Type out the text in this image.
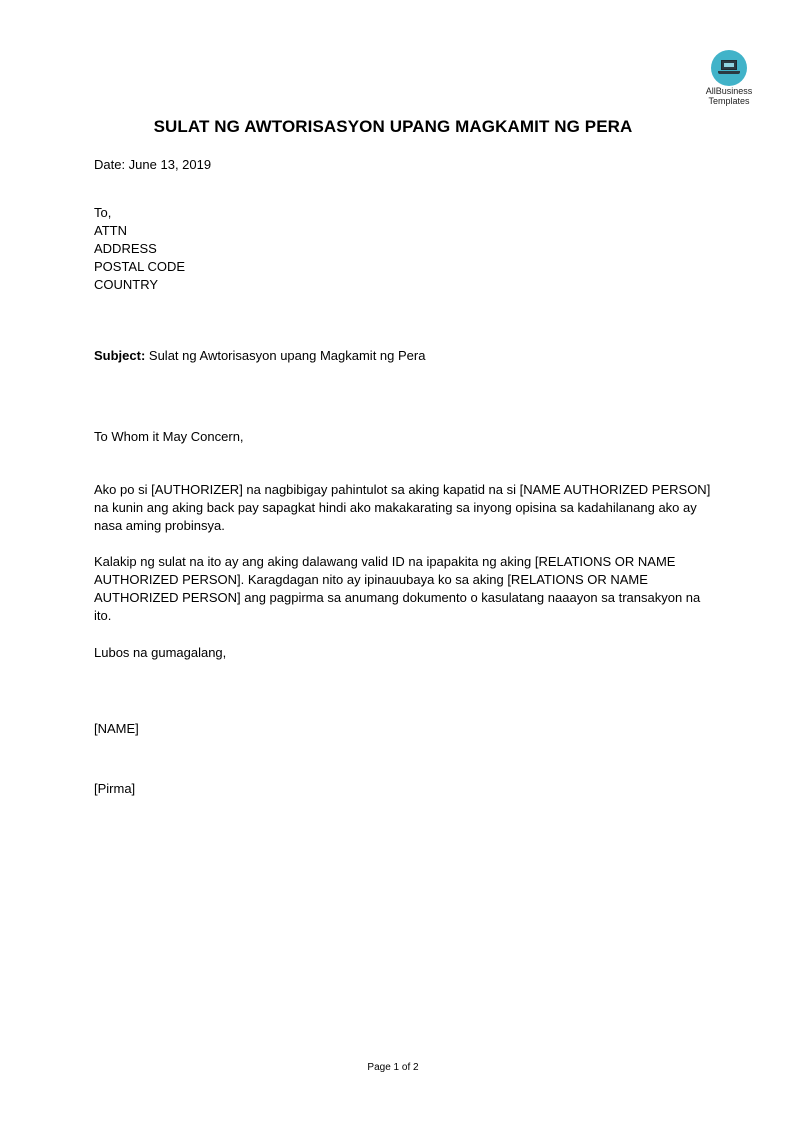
AllBusiness
Templates
SULAT NG AWTORISASYON UPANG MAGKAMIT NG PERA
Date: June 13, 2019
To,
ATTN
ADDRESS
POSTAL CODE
COUNTRY
Subject: Sulat ng Awtorisasyon upang Magkamit ng Pera
To Whom it May Concern,
Ako po si [AUTHORIZER] na nagbibigay pahintulot sa aking kapatid na si [NAME AUTHORIZED PERSON] na kunin ang aking back pay sapagkat hindi ako makakarating sa inyong opisina sa kadahilanang ako ay nasa aming probinsya.
Kalakip ng sulat na ito ay ang aking dalawang valid ID na ipapakita ng aking [RELATIONS OR NAME AUTHORIZED PERSON]. Karagdagan nito ay ipinauubaya ko sa aking [RELATIONS OR NAME AUTHORIZED PERSON] ang pagpirma sa anumang dokumento o kasulatang naaayon sa transakyon na ito.
Lubos na gumagalang,
[NAME]
[Pirma]
Page 1 of 2
